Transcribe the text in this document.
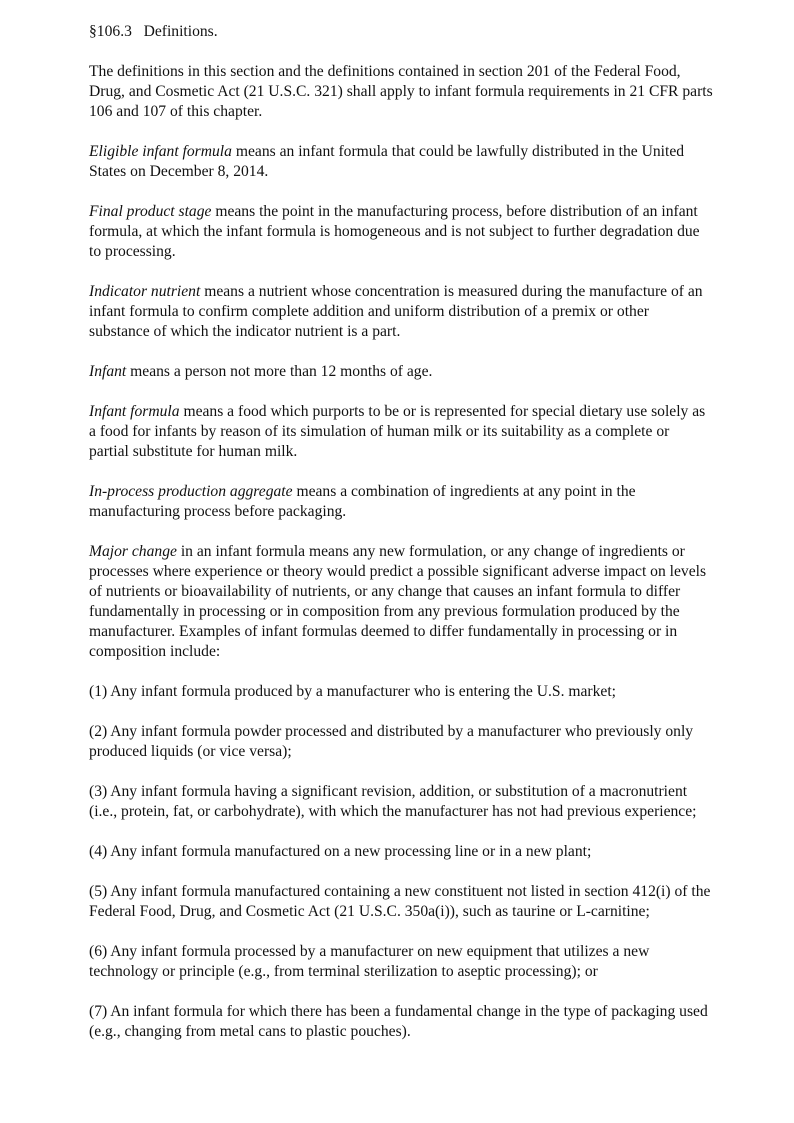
§106.3   Definitions.

The definitions in this section and the definitions contained in section 201 of the Federal Food, Drug, and Cosmetic Act (21 U.S.C. 321) shall apply to infant formula requirements in 21 CFR parts 106 and 107 of this chapter.

Eligible infant formula means an infant formula that could be lawfully distributed in the United States on December 8, 2014.

Final product stage means the point in the manufacturing process, before distribution of an infant formula, at which the infant formula is homogeneous and is not subject to further degradation due to processing.

Indicator nutrient means a nutrient whose concentration is measured during the manufacture of an infant formula to confirm complete addition and uniform distribution of a premix or other substance of which the indicator nutrient is a part.

Infant means a person not more than 12 months of age.

Infant formula means a food which purports to be or is represented for special dietary use solely as a food for infants by reason of its simulation of human milk or its suitability as a complete or partial substitute for human milk.

In-process production aggregate means a combination of ingredients at any point in the manufacturing process before packaging.

Major change in an infant formula means any new formulation, or any change of ingredients or processes where experience or theory would predict a possible significant adverse impact on levels of nutrients or bioavailability of nutrients, or any change that causes an infant formula to differ fundamentally in processing or in composition from any previous formulation produced by the manufacturer. Examples of infant formulas deemed to differ fundamentally in processing or in composition include:

(1) Any infant formula produced by a manufacturer who is entering the U.S. market;

(2) Any infant formula powder processed and distributed by a manufacturer who previously only produced liquids (or vice versa);

(3) Any infant formula having a significant revision, addition, or substitution of a macronutrient (i.e., protein, fat, or carbohydrate), with which the manufacturer has not had previous experience;

(4) Any infant formula manufactured on a new processing line or in a new plant;

(5) Any infant formula manufactured containing a new constituent not listed in section 412(i) of the Federal Food, Drug, and Cosmetic Act (21 U.S.C. 350a(i)), such as taurine or L-carnitine;

(6) Any infant formula processed by a manufacturer on new equipment that utilizes a new technology or principle (e.g., from terminal sterilization to aseptic processing); or

(7) An infant formula for which there has been a fundamental change in the type of packaging used (e.g., changing from metal cans to plastic pouches).
